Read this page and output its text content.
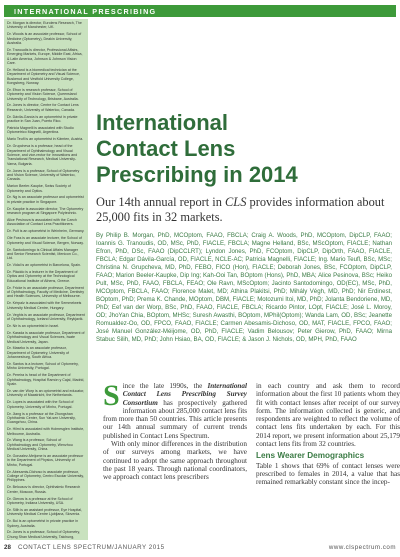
INTERNATIONAL PRESCRIBING
Dr. Morgan is director, Eurolens Research, The University of Manchester, UK.
Dr. Woods is an associate professor, School of Medicine (Optometry), Deakin University, Australia.
Dr. Tranoudis is director, Professional Affairs, Emerging Markets, Europe, Middle East, Africa, & Latin America, Johnson & Johnson Vision Care.
Dr. Helland is a biomedical technician at the Department of Optometry and Visual Science, Buskerud and Vestfold University College, Kongsberg, Norway.
Dr. Efron is research professor, School of Optometry and Vision Science, Queensland University of Technology, Brisbane, Australia.
Dr. Jones is director, Centre for Contact Lens Research, University of Waterloo, Canada.
Dr. Dávila-García is an optometrist in private practice in San Juan, Puerto Rico.
Patricia Magnelli is associated with Studio Optometrico Magnelli, Argentina.
Mario Teufl is an optometrist in Kärnten, Austria.
Dr. Grupcheva is a professor, head of the Department of Ophthalmology and Visual Science, and vice-rector for Innovations and Translational Research, Medical University-Varna, Bulgaria.
Dr. Jones is a professor, School of Optometry and Vision Science, University of Waterloo, Canada.
Marion Beeler-Kaupke, Swiss Society of Optometry and Optics.
Dr. Ng is an associate professor and optometrist in private practice in Singapore.
Dr. Kaupke is associate director, The Optometry research program at Singapore Polytechnic.
Alice Pesinova is associated with the Czech Association of Contact Lens Practitioners.
Dr. Pult is an optometrist in Weinheim, Germany.
Ole Foss is an associate lecturer, the School of Optometry and Visual Science, Bergen, Norway.
Dr. Santodomingo is Clinical Affairs Manager and Senior Research Scientist, Menicon Co., Ltd.
Dr. Vidal is an optometrist in Barcelona, Spain.
Dr. Plácido is a lecturer in the Department of Optics and Optometry at the Technological Educational Institute of Athens, Greece.
Dr. Fricke is an associate professor, Department of Ophthalmology, Faculty of Medicine, Dentistry and Health Sciences, University of Melbourne.
Dr. Kérpalz is associated with the Semmelweis University Medical Centre, Hungary.
Dr. Veghis is an associate professor, Department of Ophthalmology, Iceland University, Reykjavik.
Dr. Nir is an optometrist in Israel.
Dr. Karada is associate professor, Department of Ophthalmology and Visual Sciences, Iwate Medical University, Japan.
Dr. Maseko is an associate professor, Department of Optometry, University of Johannesburg, South Africa.
Dr. Santos is a lecturer, School of Optometry, Minho University, Portugal.
Dr. Pereira is head of the Department of Ophthalmology, Hospital Ramón y Cajal, Madrid, Spain.
Dr. van der Worp is an optometrist and educator, University of Maastricht, the Netherlands.
Dr. Lopes is associated with the School of Optometry, University of Minho, Portugal.
Dr. Jiang is a professor at the Zhongshan Ophthalmic Center, Sun Yat-sen University, Guangzhou, China.
Dr. Hilmi is associated with Holmesglen Institute, Melbourne, Australia.
Dr. Wang is a professor, School of Ophthalmology and Optometry, Wenzhou Medical University, China.
Dr. Gonzalez-Meijome is an associate professor in the Department of Physics, University of Minho, Portugal.
Dr. Abesamis-Dichoso is associate professor, College of Optometry, Centro Escolar University, Philippines.
Dr. Belousov is director, Ophthalmic Research Center, Moscow, Russia.
Dr. Gierow is a professor at the School of Optometry, Indiana University, USA.
Dr. Silih is an assistant professor, Eye Hospital, University Medical Centre Ljubljana, Slovenia.
Dr. Bui is an optometrist in private practice in Sydney, Australia.
Dr. Jones is a professor, School of Optometry, Chung Shan Medical University, Taichung,
International
Contact Lens
Prescribing in 2014

Our 14th annual report in CLS provides information about 25,000 fits in 32 markets.

By Philip B. Morgan, PhD, MCOptom, FAAO, FBCLA; Craig A. Woods, PhD, MCOptom, DipCLP, FAAO; Ioannis G. Tranoudis, OD, MSc, PhD, FIACLE, FBCLA; Magne Helland, BSc, MScOptom, FIACLE; Nathan Efron, PhD, DSc, FAAO (DipCCLRT); Lyndon Jones, PhD, FCOptom, DipCLP, DipOrth, FAAO, FIACLE, FBCLA; Edgar Dávila-García, OD, FIACLE, NCLE-AC; Patricia Magnelli, FIACLE; Ing. Mario Teufl, BSc, MSc; Christina N. Grupcheva, MD, PhD, FEBO, FICO (Hon), FIACLE; Deborah Jones, BSc, FCOptom, DipCLP, FAAO; Marion Beeler-Kaupke, Dip Ing; Kah-Ooi Tan, BOptom (Hons), PhD, MBA; Alice Pesinova, BSc; Heiko Pult, MSc, PhD, FAAO, FBCLA, FEAO; Ole Ravn, MScOptom; Jacinto Santodomingo, OD(EC), MSc, PhD, MCOptom, FBCLA, FAAO; Florence Malet, MD; Athina Plakitsi, PhD; Mihály Végh, MD, PhD; Nir Erdinest, BOptom, PhD; Prema K. Chande, MOptom, DBM, FIACLE; Motozumi Itoi, MD, PhD; Jolanta Bendoriene, MD, PhD; Eef van der Worp, BSc, PhD, FAAO, FIACLE, FBCLA; Ricardo Pintor, LOpt, FIACLE; José L. Moroy, OD; JhoYan Chia, BOptom, MHSc; Suresh Awasthi, BOptom, MPhil(Optom); Wanda Lam, OD, BSc; Jeanette Romualdez-Oo, OD, FPCO, FAAO, FIACLE; Carmen Abesamis-Dichoso, OD, MAT, FIACLE, FPCO, FAAO; José Manuel González-Méijome, OD, PhD, FIACLE; Vadim Belousov; Peter Gierow, PhD, FAAO; Mirna Stabuc Silih, MD, PhD; John Hsiao, BA, OD, FIACLE; & Jason J. Nichols, OD, MPH, PhD, FAAO

Since the late 1990s, the International Contact Lens Prescribing Survey Consortium has prospectively gathered information about 285,000 contact lens fits from more than 50 countries. This article presents our 14th annual summary of current trends published in Contact Lens Spectrum.

With only minor differences in the distribution of our surveys among markets, we have continued to adopt the same approach throughout the past 18 years. Through national coordinators, we approach contact lens prescribers

in each country and ask them to record information about the first 10 patients whom they fit with contact lenses after receipt of our survey form. The information collected is generic, and respondents are weighted to reflect the volume of contact lens fits undertaken by each. For this 2014 report, we present information about 25,179 contact lens fits from 32 countries.

Lens Wearer Demographics

Table 1 shows that 69% of contact lenses were prescribed to females in 2014, a value that has remained remarkably constant since the incep-

28 CONTACT LENS SPECTRUM/JANUARY 2015	www.clspectrum.com
